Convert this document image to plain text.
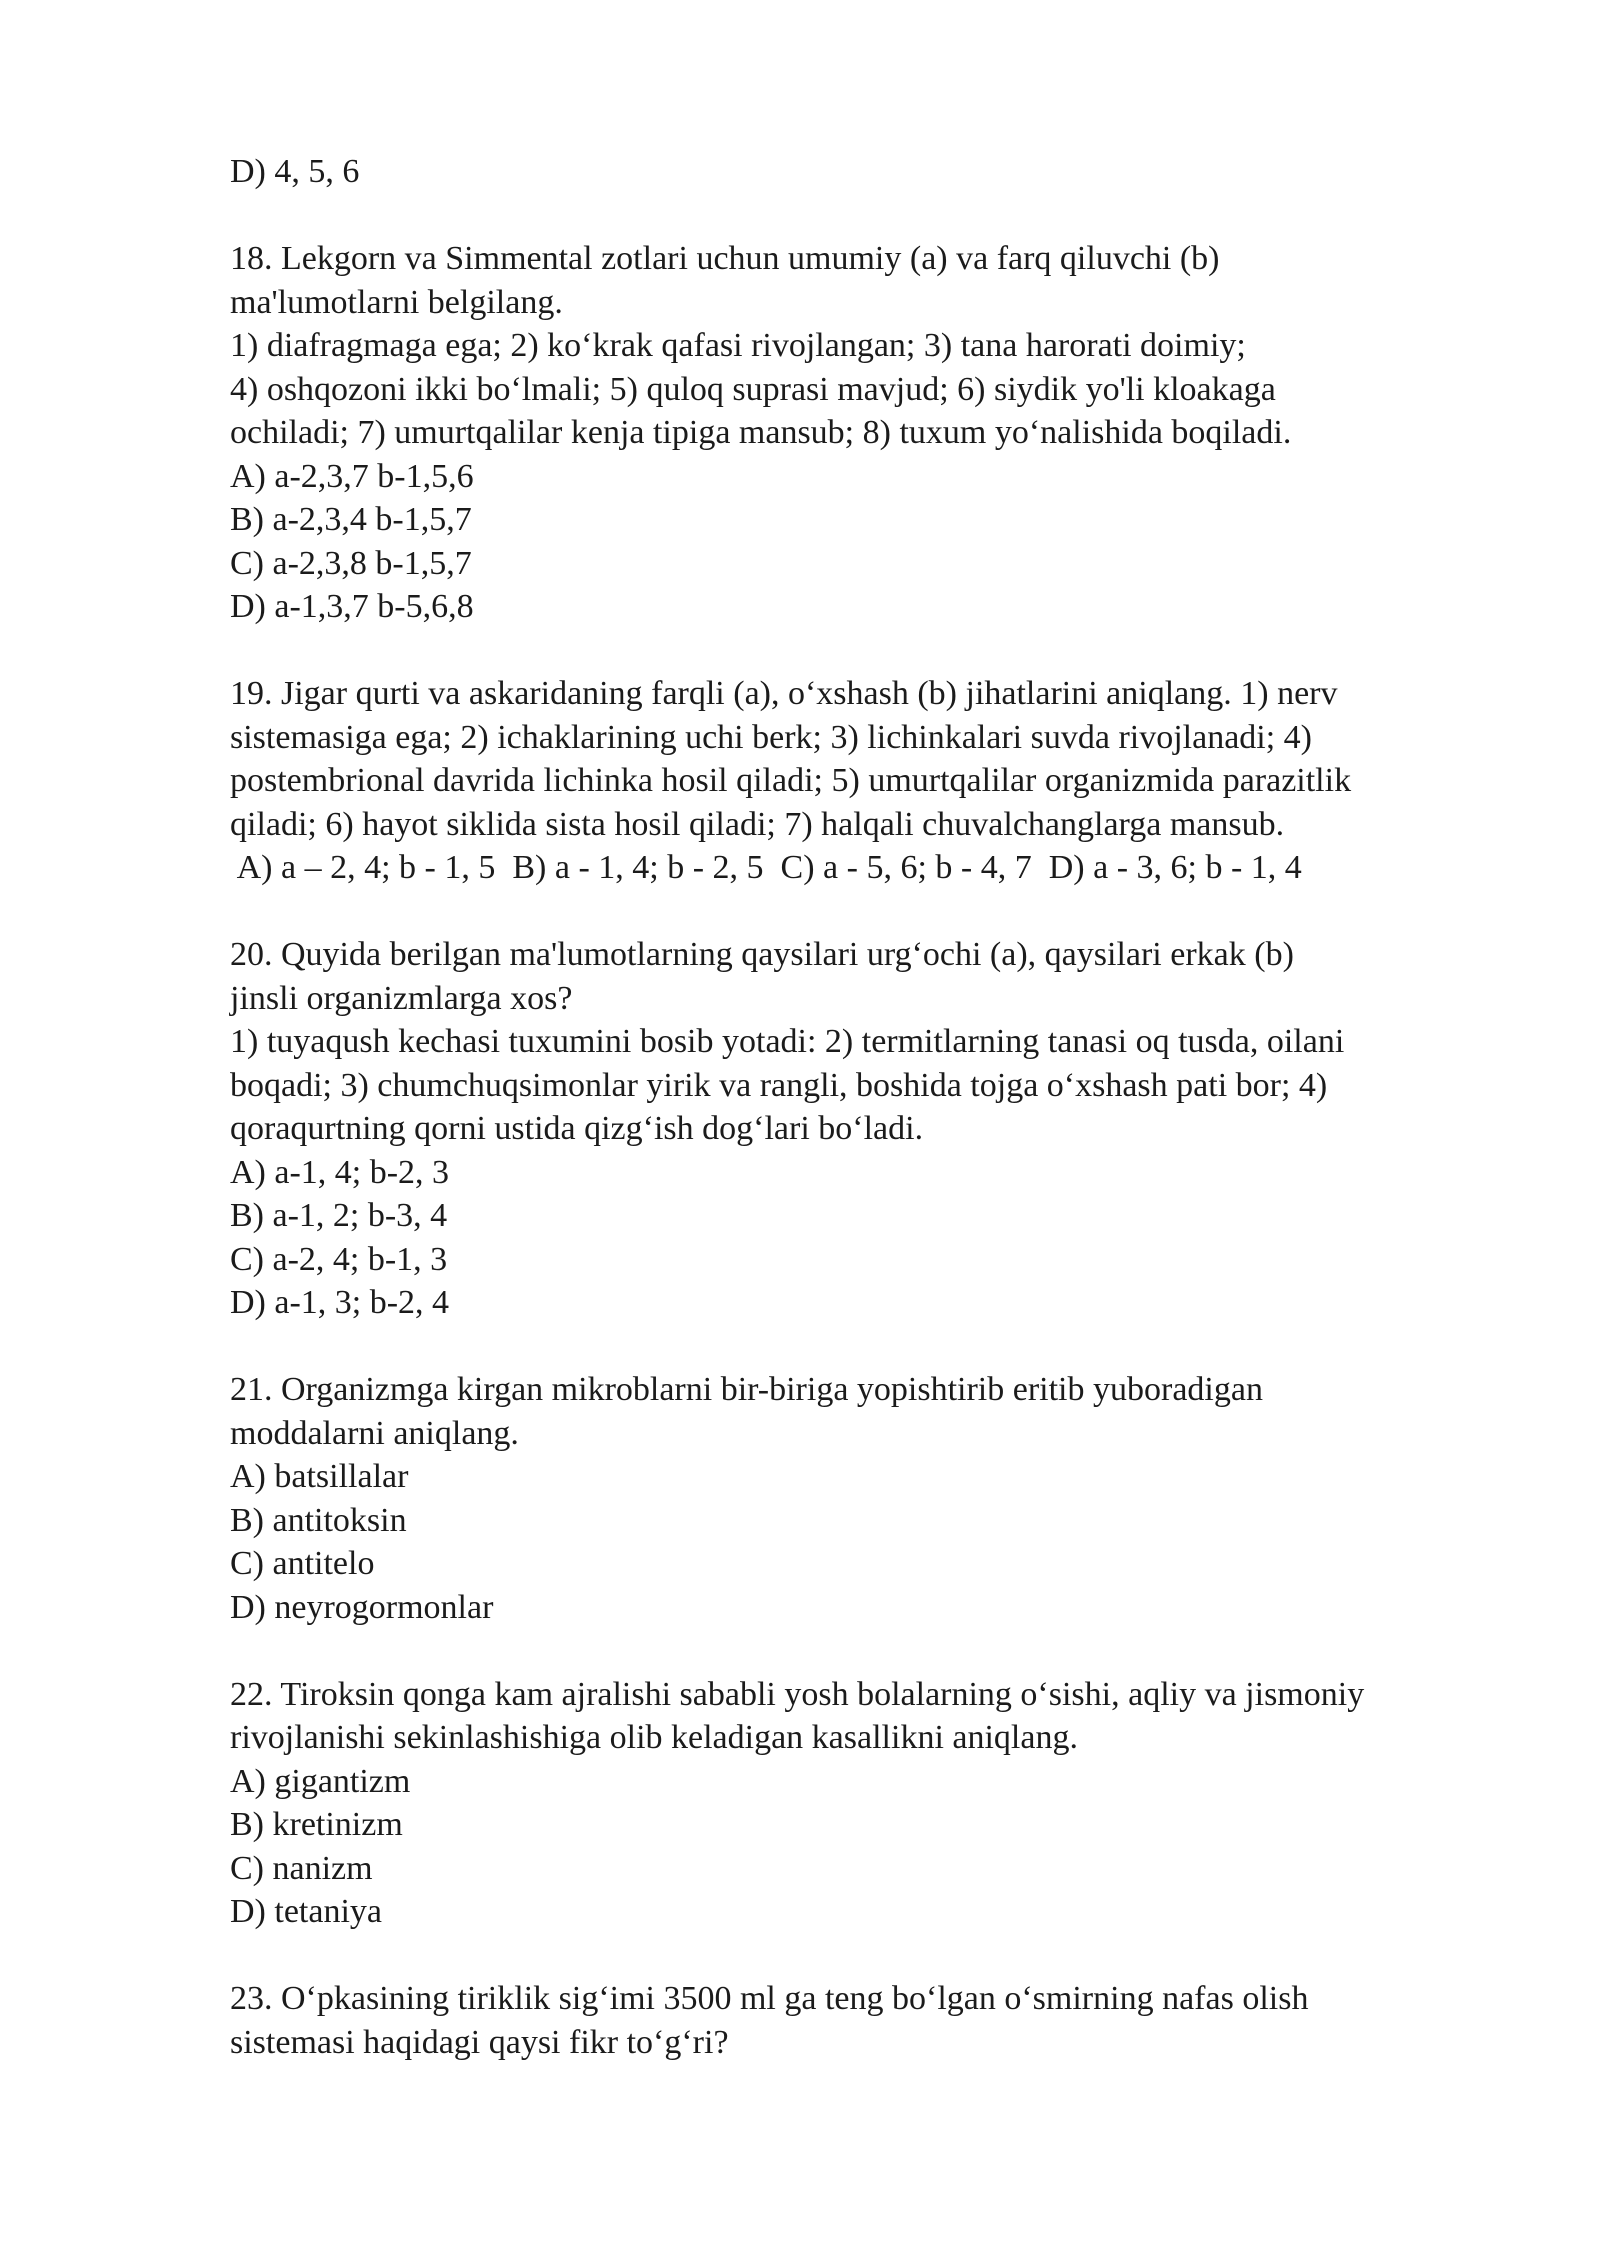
D) 4, 5, 6
18. Lekgorn va Simmental zotlari uchun umumiy (a) va farq qiluvchi (b)
ma'lumotlarni belgilang.
1) diafragmaga ega; 2) ko‘krak qafasi rivojlangan; 3) tana harorati doimiy;
4) oshqozoni ikki bo‘lmali; 5) quloq suprasi mavjud; 6) siydik yo'li kloakaga
ochiladi; 7) umurtqalilar kenja tipiga mansub; 8) tuxum yo‘nalishida boqiladi.
A) a-2,3,7 b-1,5,6
B) a-2,3,4 b-1,5,7
C) a-2,3,8 b-1,5,7
D) a-1,3,7 b-5,6,8
19. Jigar qurti va askaridaning farqli (a), o‘xshash (b) jihatlarini aniqlang. 1) nerv
sistemasiga ega; 2) ichaklarining uchi berk; 3) lichinkalari suvda rivojlanadi; 4)
postembrional davrida lichinka hosil qiladi; 5) umurtqalilar organizmida parazitlik
qiladi; 6) hayot siklida sista hosil qiladi; 7) halqali chuvalchanglarga mansub.
A) a – 2, 4; b - 1, 5  B) a - 1, 4; b - 2, 5  C) a - 5, 6; b - 4, 7  D) a - 3, 6; b - 1, 4
20. Quyida berilgan ma'lumotlarning qaysilari urg‘ochi (a), qaysilari erkak (b)
jinsli organizmlarga xos?
1) tuyaqush kechasi tuxumini bosib yotadi: 2) termitlarning tanasi oq tusda, oilani
boqadi; 3) chumchuqsimonlar yirik va rangli, boshida tojga o‘xshash pati bor; 4)
qoraqurtning qorni ustida qizg‘ish dog‘lari bo‘ladi.
A) a-1, 4; b-2, 3
B) a-1, 2; b-3, 4
C) a-2, 4; b-1, 3
D) a-1, 3; b-2, 4
21. Organizmga kirgan mikroblarni bir-biriga yopishtirib eritib yuboradigan
moddalarni aniqlang.
A) batsillalar
B) antitoksin
C) antitelo
D) neyrogormonlar
22. Tiroksin qonga kam ajralishi sababli yosh bolalarning o‘sishi, aqliy va jismoniy
rivojlanishi sekinlashishiga olib keladigan kasallikni aniqlang.
A) gigantizm
B) kretinizm
C) nanizm
D) tetaniya
23. O‘pkasining tiriklik sig‘imi 3500 ml ga teng bo‘lgan o‘smirning nafas olish
sistemasi haqidagi qaysi fikr to‘g‘ri?
